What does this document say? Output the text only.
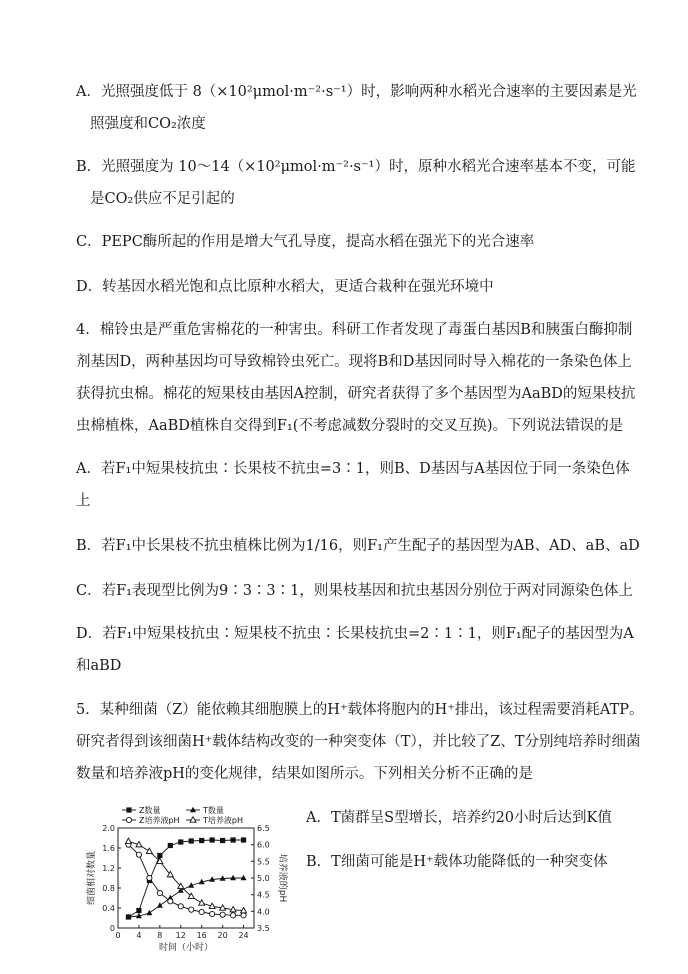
A．光照强度低于 8（×10²μmol·m⁻²·s⁻¹）时，影响两种水稻光合速率的主要因素是光
照强度和CO₂浓度
B．光照强度为 10～14（×10²μmol·m⁻²·s⁻¹）时，原种水稻光合速率基本不变，可能
是CO₂供应不足引起的
C．PEPC酶所起的作用是增大气孔导度，提高水稻在强光下的光合速率
D．转基因水稻光饱和点比原种水稻大，更适合栽种在强光环境中
4．棉铃虫是严重危害棉花的一种害虫。科研工作者发现了毒蛋白基因B和胰蛋白酶抑制
剂基因D，两种基因均可导致棉铃虫死亡。现将B和D基因同时导入棉花的一条染色体上
获得抗虫棉。棉花的短果枝由基因A控制，研究者获得了多个基因型为AaBD的短果枝抗
虫棉植株，AaBD植株自交得到F₁(不考虑减数分裂时的交叉互换)。下列说法错误的是
A．若F₁中短果枝抗虫∶长果枝不抗虫=3∶1，则B、D基因与A基因位于同一条染色体
上
B．若F₁中长果枝不抗虫植株比例为1/16，则F₁产生配子的基因型为AB、AD、aB、aD
C．若F₁表现型比例为9∶3∶3∶1，则果枝基因和抗虫基因分别位于两对同源染色体上
D．若F₁中短果枝抗虫∶短果枝不抗虫∶长果枝抗虫=2∶1∶1，则F₁配子的基因型为A
和aBD
5．某种细菌（Z）能依赖其细胞膜上的H⁺载体将胞内的H⁺排出，该过程需要消耗ATP。
研究者得到该细菌H⁺载体结构改变的一种突变体（T），并比较了Z、T分别纯培养时细菌
数量和培养液pH的变化规律，结果如图所示。下列相关分析不正确的是
A．T菌群呈S型增长，培养约20小时后达到K值
B．T细菌可能是H⁺载体功能降低的一种突变体
0 4 8 12 16 20 24
0
0.4
0.8
1.2
1.6
2.0
3.5
4.0
4.5
5.0
5.5
6.0
6.5
时间（小时）
细菌相对数量	培养液的pH
Z数量	T数量
Z培养液pH	T培养液pH
